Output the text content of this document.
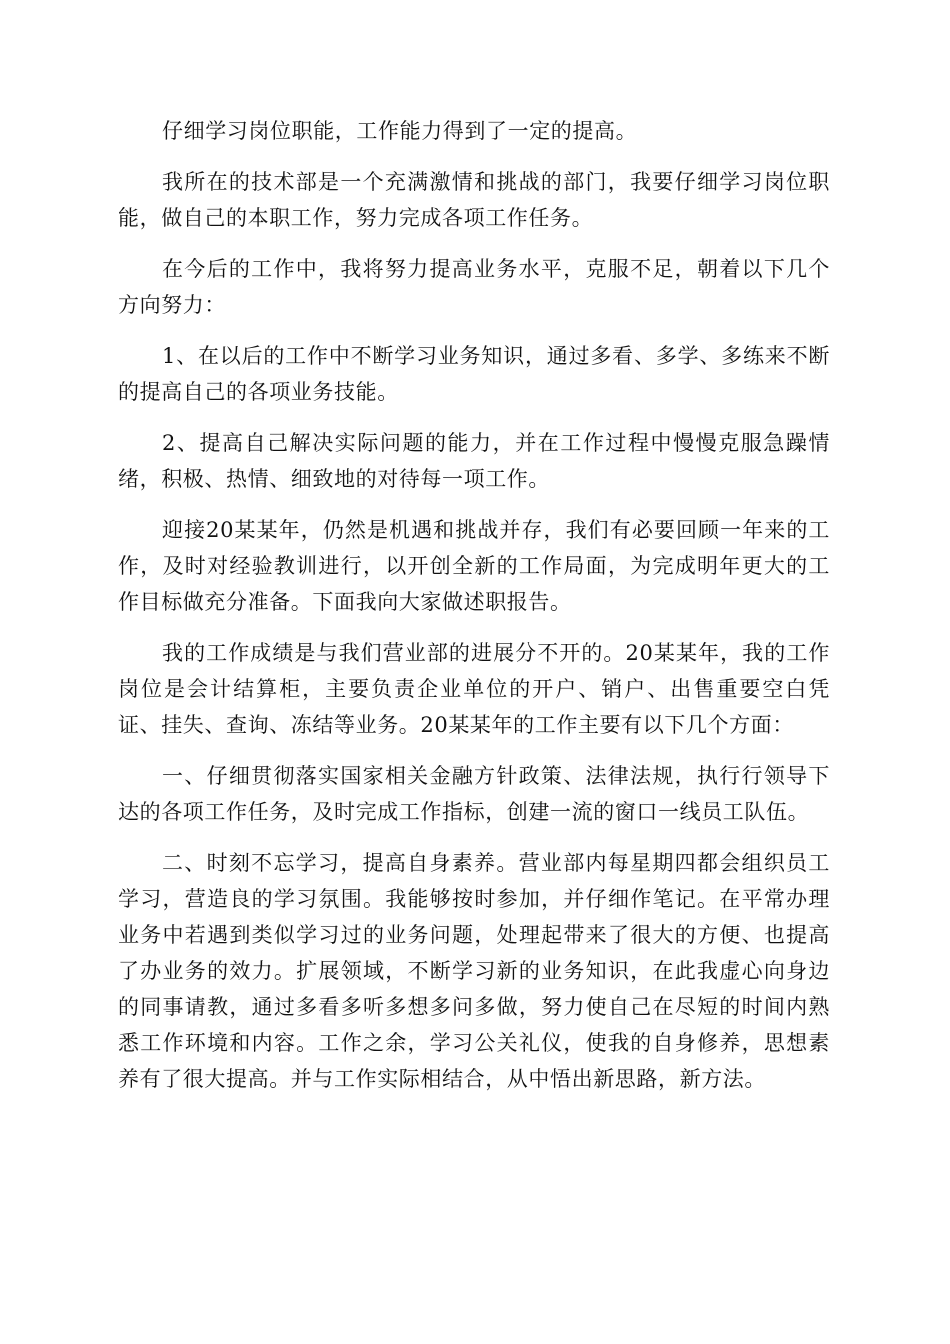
仔细学习岗位职能，工作能力得到了一定的提高。

我所在的技术部是一个充满激情和挑战的部门，我要仔细学习岗位职能，做自己的本职工作，努力完成各项工作任务。

在今后的工作中，我将努力提高业务水平，克服不足，朝着以下几个方向努力：

1、在以后的工作中不断学习业务知识，通过多看、多学、多练来不断的提高自己的各项业务技能。

2、提高自己解决实际问题的能力，并在工作过程中慢慢克服急躁情绪，积极、热情、细致地的对待每一项工作。

迎接20某某年，仍然是机遇和挑战并存，我们有必要回顾一年来的工作，及时对经验教训进行，以开创全新的工作局面，为完成明年更大的工作目标做充分准备。下面我向大家做述职报告。

我的工作成绩是与我们营业部的进展分不开的。20某某年，我的工作岗位是会计结算柜，主要负责企业单位的开户、销户、出售重要空白凭证、挂失、查询、冻结等业务。20某某年的工作主要有以下几个方面：

一、仔细贯彻落实国家相关金融方针政策、法律法规，执行行领导下达的各项工作任务，及时完成工作指标，创建一流的窗口一线员工队伍。

二、时刻不忘学习，提高自身素养。营业部内每星期四都会组织员工学习，营造良的学习氛围。我能够按时参加，并仔细作笔记。在平常办理业务中若遇到类似学习过的业务问题，处理起带来了很大的方便、也提高了办业务的效力。扩展领域，不断学习新的业务知识，在此我虚心向身边的同事请教，通过多看多听多想多问多做，努力使自己在尽短的时间内熟悉工作环境和内容。工作之余，学习公关礼仪，使我的自身修养，思想素养有了很大提高。并与工作实际相结合，从中悟出新思路，新方法。
